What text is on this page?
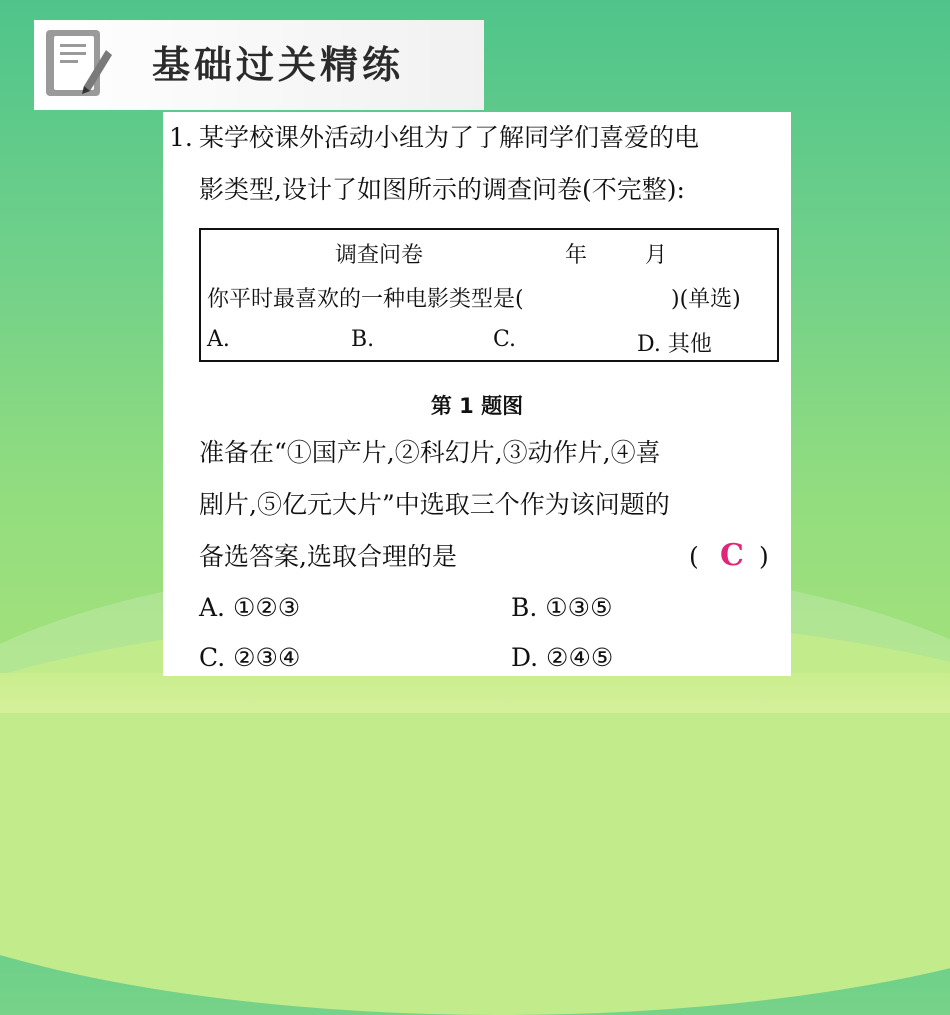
基础过关精练
1. 某学校课外活动小组为了了解同学们喜爱的电
影类型,设计了如图所示的调查问卷(不完整):
调查问卷	年	月
你平时最喜欢的一种电影类型是(	)(单选)
A.	B.	C.	D. 其他
第 1 题图
准备在“①国产片,②科幻片,③动作片,④喜
剧片,⑤亿元大片”中选取三个作为该问题的
备选答案,选取合理的是	( C )
A. ①②③	B. ①③⑤
C. ②③④	D. ②④⑤
